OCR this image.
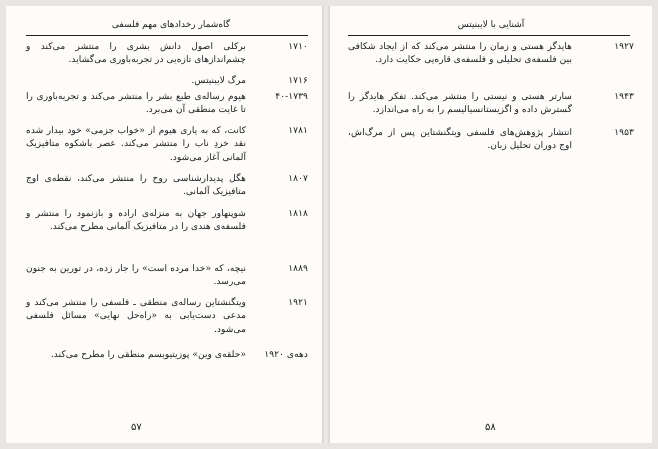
گاه‌شمار رخدادهای مهم فلسفی
۱۷۱۰
برکلی اصول دانش بشری را منتشر می‌کند و چشم‌اندازهای تازه‌یی در تجربه‌باوری می‌گشاید.
۱۷۱۶
مرگ لایبنیتس.
۴۰-۱۷۳۹
هیوم رساله‌ی طبع بشر را منتشر می‌کند و تجربه‌باوری را تا غایت منطقی آن می‌برد.
۱۷۸۱
کانت، که به یاری هیوم از «خواب جزمی» خود بیدار شده نقد خردِ ناب را منتشر می‌کند. عصر باشکوه متافیزیک آلمانی آغاز می‌شود.
۱۸۰۷
هگل پدیدارشناسی روح را منتشر می‌کند، نقطه‌ی اوج متافیزیک آلمانی.
۱۸۱۸
شوپنهاور جهان به منزله‌ی اراده و بازنمود را منتشر و فلسفه‌ی هندی را در متافیزیک آلمانی مطرح می‌کند.
۱۸۸۹
نیچه، که «خدا مرده است» را جار زده، در تورین به جنون می‌رسد.
۱۹۲۱
ویتگنشتاین رساله‌ی منطقی ـ فلسفی را منتشر می‌کند و مدعی دست‌یابی به «راه‌حل نهایی» مسائل فلسفی می‌شود.
دهه‌ی ۱۹۲۰
«حلقه‌ی وین» پوزیتیویسم منطقی را مطرح می‌کند.
۵۷
آشنایی با لایبنیتس
۱۹۲۷
هایدگر هستی و زمان را منتشر می‌کند که از ایجاد شکافی بین فلسفه‌ی تحلیلی و فلسفه‌ی قاره‌یی حکایت دارد.
۱۹۴۳
سارتر هستی و نیستی را منتشر می‌کند. تفکر هایدگر را گسترش داده و اگزیستانسیالیسم را به راه می‌اندازد.
۱۹۵۳
انتشار پژوهش‌های فلسفی ویتگنشتاین پس از مرگ‌اش، اوج دوران تحلیل زبان.
۵۸
